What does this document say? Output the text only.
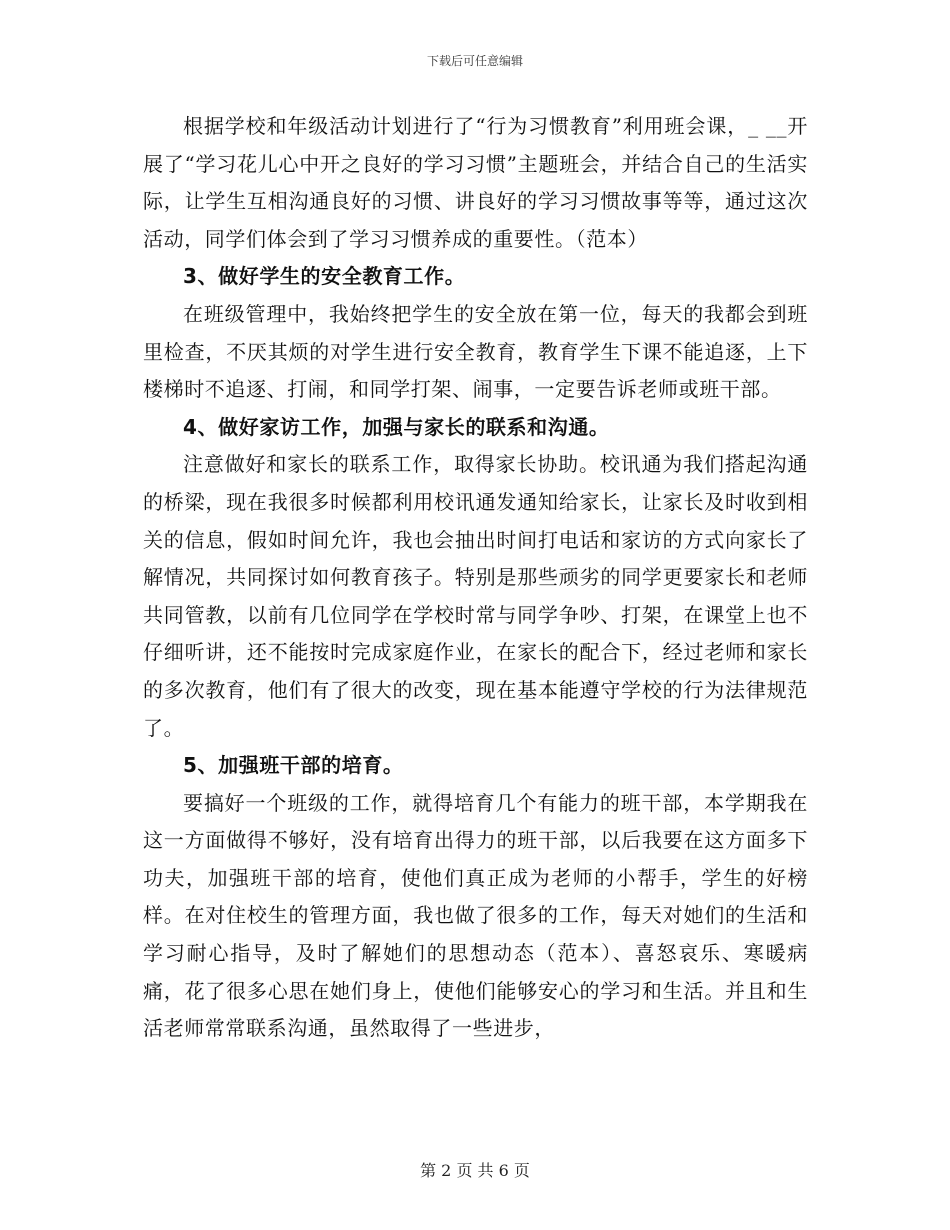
下载后可任意编辑

根据学校和年级活动计划进行了“行为习惯教育”利用班会课，_ __开展了“学习花儿心中开之良好的学习习惯”主题班会，并结合自己的生活实际，让学生互相沟通良好的习惯、讲良好的学习习惯故事等等，通过这次活动，同学们体会到了学习习惯养成的重要性。（范本）

3、做好学生的安全教育工作。

在班级管理中，我始终把学生的安全放在第一位，每天的我都会到班里检查，不厌其烦的对学生进行安全教育，教育学生下课不能追逐，上下楼梯时不追逐、打闹，和同学打架、闹事，一定要告诉老师或班干部。

4、做好家访工作，加强与家长的联系和沟通。

注意做好和家长的联系工作，取得家长协助。校讯通为我们搭起沟通的桥梁，现在我很多时候都利用校讯通发通知给家长，让家长及时收到相关的信息，假如时间允许，我也会抽出时间打电话和家访的方式向家长了解情况，共同探讨如何教育孩子。特别是那些顽劣的同学更要家长和老师共同管教，以前有几位同学在学校时常与同学争吵、打架，在课堂上也不仔细听讲，还不能按时完成家庭作业，在家长的配合下，经过老师和家长的多次教育，他们有了很大的改变，现在基本能遵守学校的行为法律规范了。

5、加强班干部的培育。

要搞好一个班级的工作，就得培育几个有能力的班干部，本学期我在这一方面做得不够好，没有培育出得力的班干部，以后我要在这方面多下功夫，加强班干部的培育，使他们真正成为老师的小帮手，学生的好榜样。在对住校生的管理方面，我也做了很多的工作，每天对她们的生活和学习耐心指导，及时了解她们的思想动态（范本）、喜怒哀乐、寒暖病痛，花了很多心思在她们身上，使他们能够安心的学习和生活。并且和生活老师常常联系沟通，虽然取得了一些进步，

第 2 页 共 6 页
